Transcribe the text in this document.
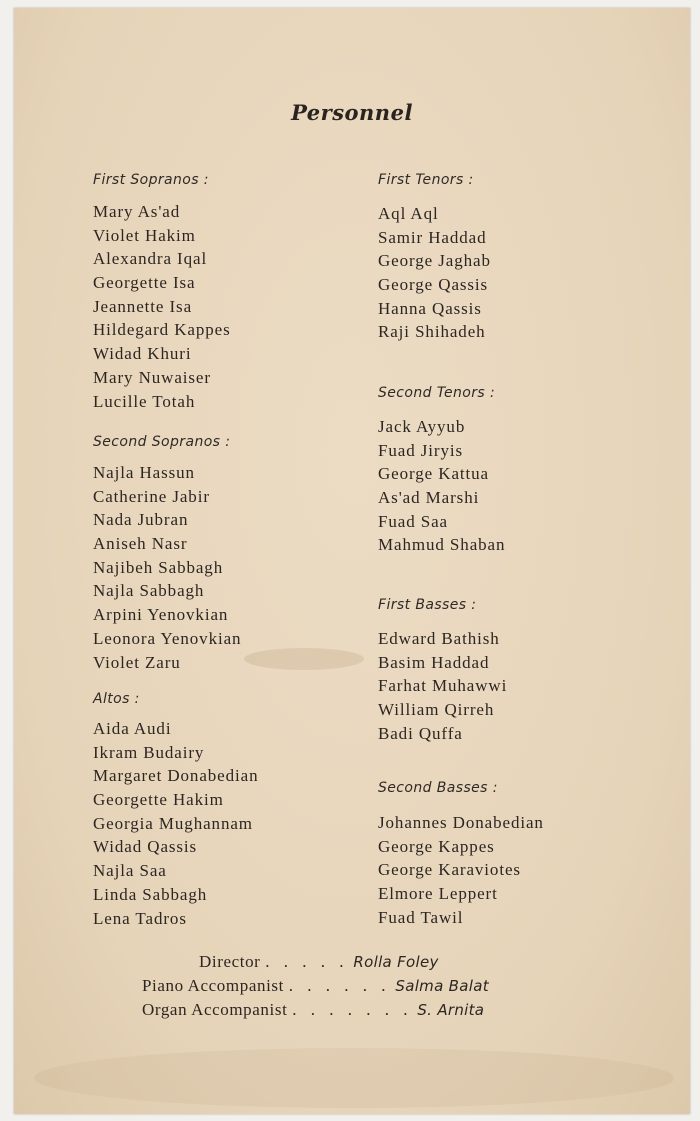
Personnel
First Sopranos :
Mary As'ad
Violet Hakim
Alexandra Iqal
Georgette Isa
Jeannette Isa
Hildegard Kappes
Widad Khuri
Mary Nuwaiser
Lucille Totah
Second Sopranos :
Najla Hassun
Catherine Jabir
Nada Jubran
Aniseh Nasr
Najibeh Sabbagh
Najla Sabbagh
Arpini Yenovkian
Leonora Yenovkian
Violet Zaru
Altos :
Aida Audi
Ikram Budairy
Margaret Donabedian
Georgette Hakim
Georgia Mughannam
Widad Qassis
Najla Saa
Linda Sabbagh
Lena Tadros
First Tenors :
Aql Aql
Samir Haddad
George Jaghab
George Qassis
Hanna Qassis
Raji Shihadeh
Second Tenors :
Jack Ayyub
Fuad Jiryis
George Kattua
As'ad Marshi
Fuad Saa
Mahmud Shaban
First Basses :
Edward Bathish
Basim Haddad
Farhat Muhawwi
William Qirreh
Badi Quffa
Second Basses :
Johannes Donabedian
George Kappes
George Karaviotes
Elmore Leppert
Fuad Tawil
Director . . . . . Rolla Foley
Piano Accompanist . . . . . . Salma Balat
Organ Accompanist . . . . . . . S. Arnita
